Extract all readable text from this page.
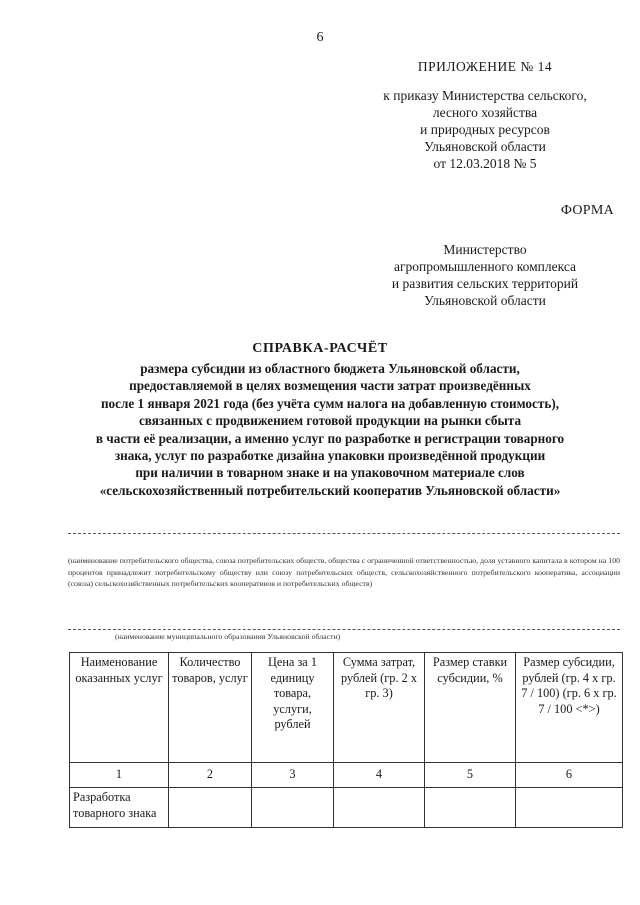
6
ПРИЛОЖЕНИЕ № 14
к приказу Министерства сельского,
лесного хозяйства
и природных ресурсов
Ульяновской области
от 12.03.2018 № 5
ФОРМА
Министерство
агропромышленного комплекса
и развития сельских территорий
Ульяновской области
СПРАВКА-РАСЧЁТ
размера субсидии из областного бюджета Ульяновской области,
предоставляемой в целях возмещения части затрат произведённых
после 1 января 2021 года (без учёта сумм налога на добавленную стоимость),
связанных с продвижением готовой продукции на рынки сбыта
в части её реализации, а именно услуг по разработке и регистрации товарного
знака, услуг по разработке дизайна упаковки произведённой продукции
при наличии в товарном знаке и на упаковочном материале слов
«сельскохозяйственный потребительский кооператив Ульяновской области»
(наименование потребительского общества, союза потребительских обществ, общества с ограниченной ответственностью, доля уставного капитала в котором на 100 процентов принадлежит потребительскому обществу или союзу потребительских обществ, сельскохозяйственного потребительского кооператива, ассоциации (союза) сельскохозяйственных потребительских кооперативов и потребительских обществ)
(наименование муниципального образования Ульяновской области)
Наименование оказанных услуг	Количество товаров, услуг	Цена за 1 единицу товара, услуги, рублей	Сумма затрат, рублей (гр. 2 х гр. 3)	Размер ставки субсидии, %	Размер субсидии, рублей (гр. 4 х гр. 7 / 100) (гр. 6 х гр. 7 / 100 <*>)
1	2	3	4	5	6
Разработка товарного знака					
